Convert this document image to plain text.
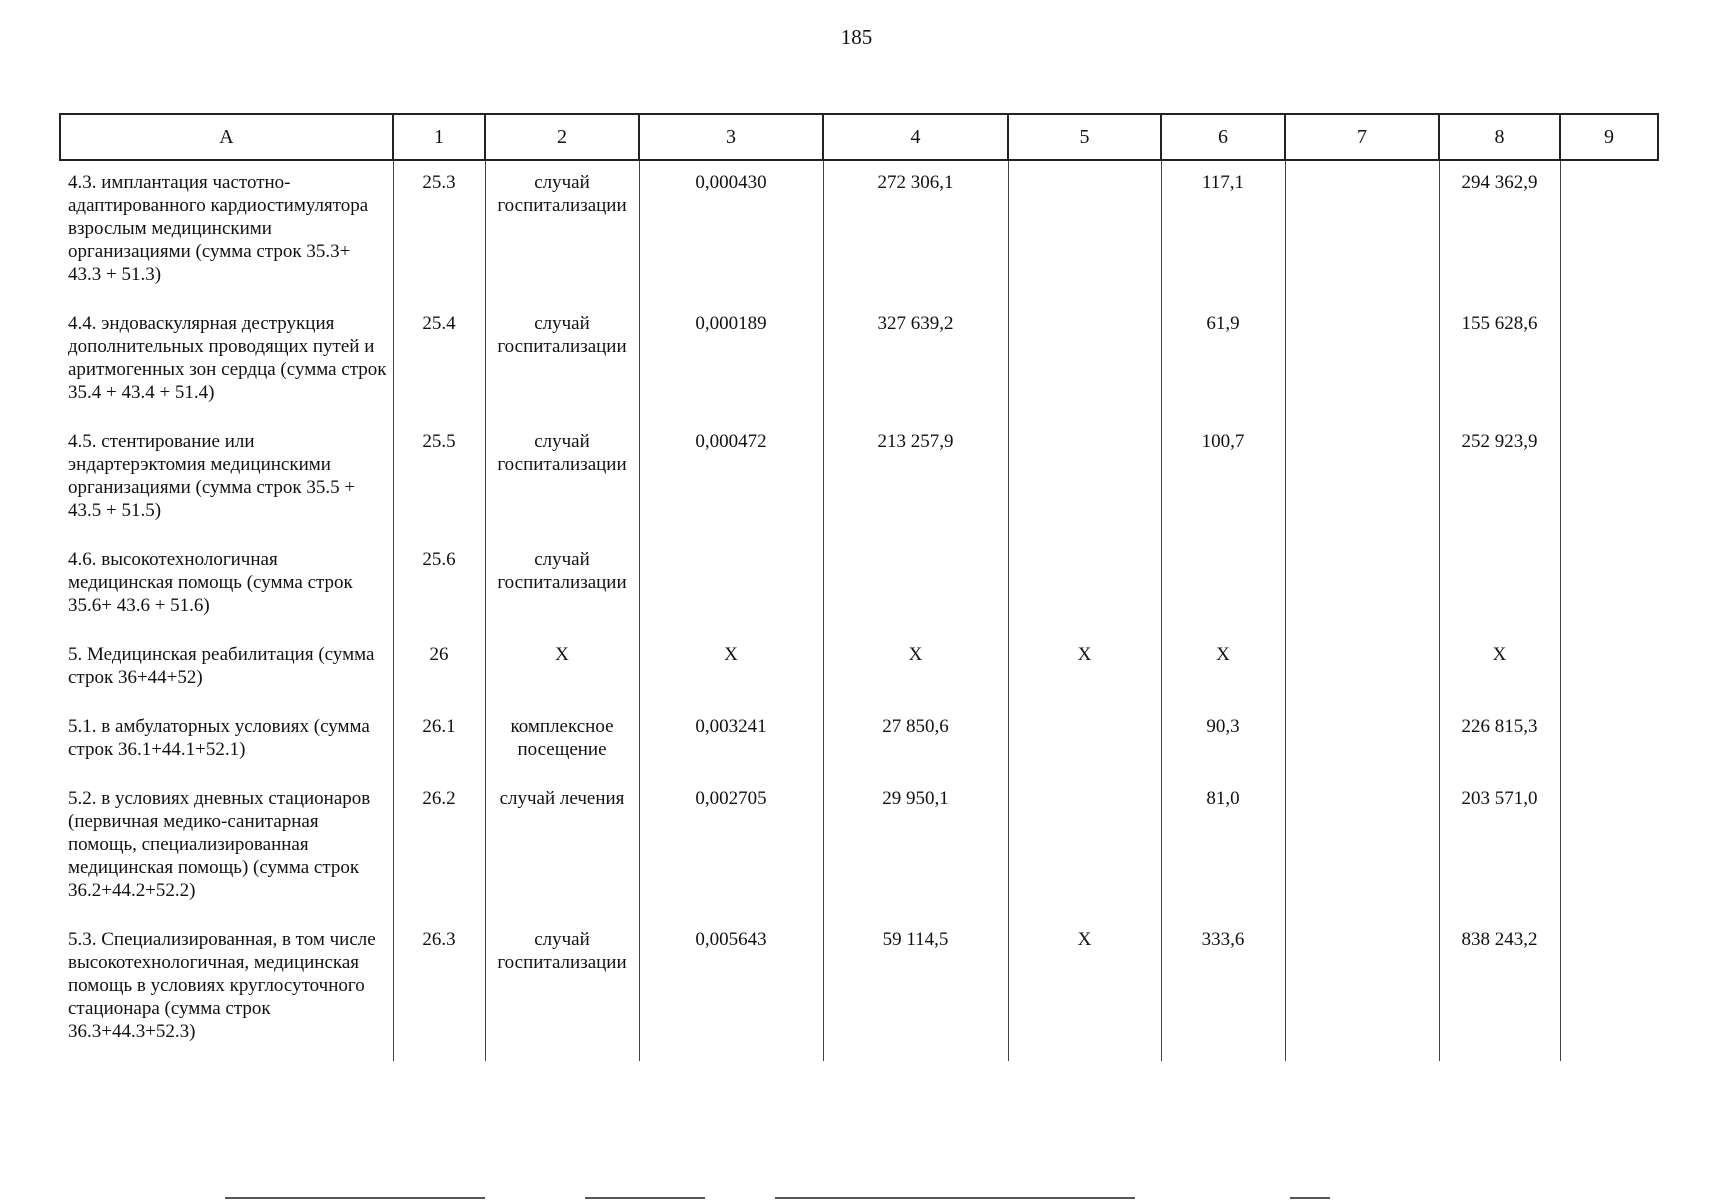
185
А	1	2	3	4	5	6	7	8	9
4.3. имплантация частотно-адаптированного кардиостимулятора взрослым медицинскими организациями (сумма строк 35.3+ 43.3 + 51.3)	25.3	случай госпитализации	0,000430	272 306,1		117,1		294 362,9	
4.4. эндоваскулярная деструкция дополнительных проводящих путей и аритмогенных зон сердца (сумма строк 35.4 + 43.4 + 51.4)	25.4	случай госпитализации	0,000189	327 639,2		61,9		155 628,6	
4.5. стентирование или эндартерэктомия медицинскими организациями (сумма строк 35.5 + 43.5 + 51.5)	25.5	случай госпитализации	0,000472	213 257,9		100,7		252 923,9	
4.6. высокотехнологичная медицинская помощь (сумма строк 35.6+ 43.6 + 51.6)	25.6	случай госпитализации							
5. Медицинская реабилитация (сумма строк 36+44+52)	26	Х	Х	Х	Х	Х		Х	
5.1. в амбулаторных условиях (сумма строк 36.1+44.1+52.1)	26.1	комплексное посещение	0,003241	27 850,6		90,3		226 815,3	
5.2. в условиях дневных стационаров (первичная медико-санитарная помощь, специализированная медицинская помощь) (сумма строк 36.2+44.2+52.2)	26.2	случай лечения	0,002705	29 950,1		81,0		203 571,0	
5.3. Специализированная, в том числе высокотехнологичная, медицинская помощь в условиях круглосуточного стационара (сумма строк 36.3+44.3+52.3)	26.3	случай госпитализации	0,005643	59 114,5	Х	333,6		838 243,2	
